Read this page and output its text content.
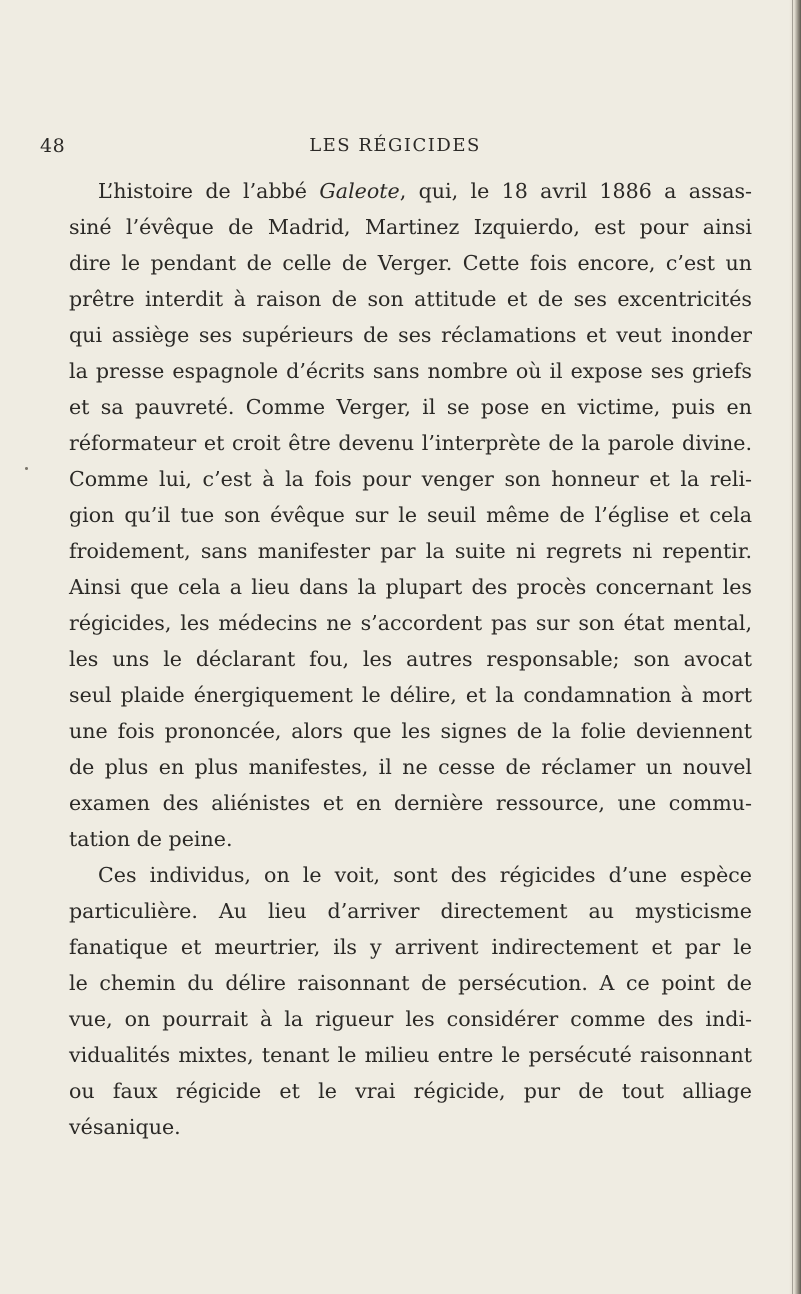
48	LES RÉGICIDES
L’histoire de l’abbé Galeote, qui, le 18 avril 1886 a assas-
siné l’évêque de Madrid, Martinez Izquierdo, est pour ainsi
dire le pendant de celle de Verger. Cette fois encore, c’est un
prêtre interdit à raison de son attitude et de ses excentricités
qui assiège ses supérieurs de ses réclamations et veut inonder
la presse espagnole d’écrits sans nombre où il expose ses griefs
et sa pauvreté. Comme Verger, il se pose en victime, puis en
réformateur et croit être devenu l’interprète de la parole divine.
Comme lui, c’est à la fois pour venger son honneur et la reli-
gion qu’il tue son évêque sur le seuil même de l’église et cela
froidement, sans manifester par la suite ni regrets ni repentir.
Ainsi que cela a lieu dans la plupart des procès concernant les
régicides, les médecins ne s’accordent pas sur son état mental,
les uns le déclarant fou, les autres responsable; son avocat
seul plaide énergiquement le délire, et la condamnation à mort
une fois prononcée, alors que les signes de la folie deviennent
de plus en plus manifestes, il ne cesse de réclamer un nouvel
examen des aliénistes et en dernière ressource, une commu-
tation de peine.
Ces individus, on le voit, sont des régicides d’une espèce
particulière. Au lieu d’arriver directement au mysticisme
fanatique et meurtrier, ils y arrivent indirectement et par le
le chemin du délire raisonnant de persécution. A ce point de
vue, on pourrait à la rigueur les considérer comme des indi-
vidualités mixtes, tenant le milieu entre le persécuté raisonnant
ou faux régicide et le vrai régicide, pur de tout alliage
vésanique.
